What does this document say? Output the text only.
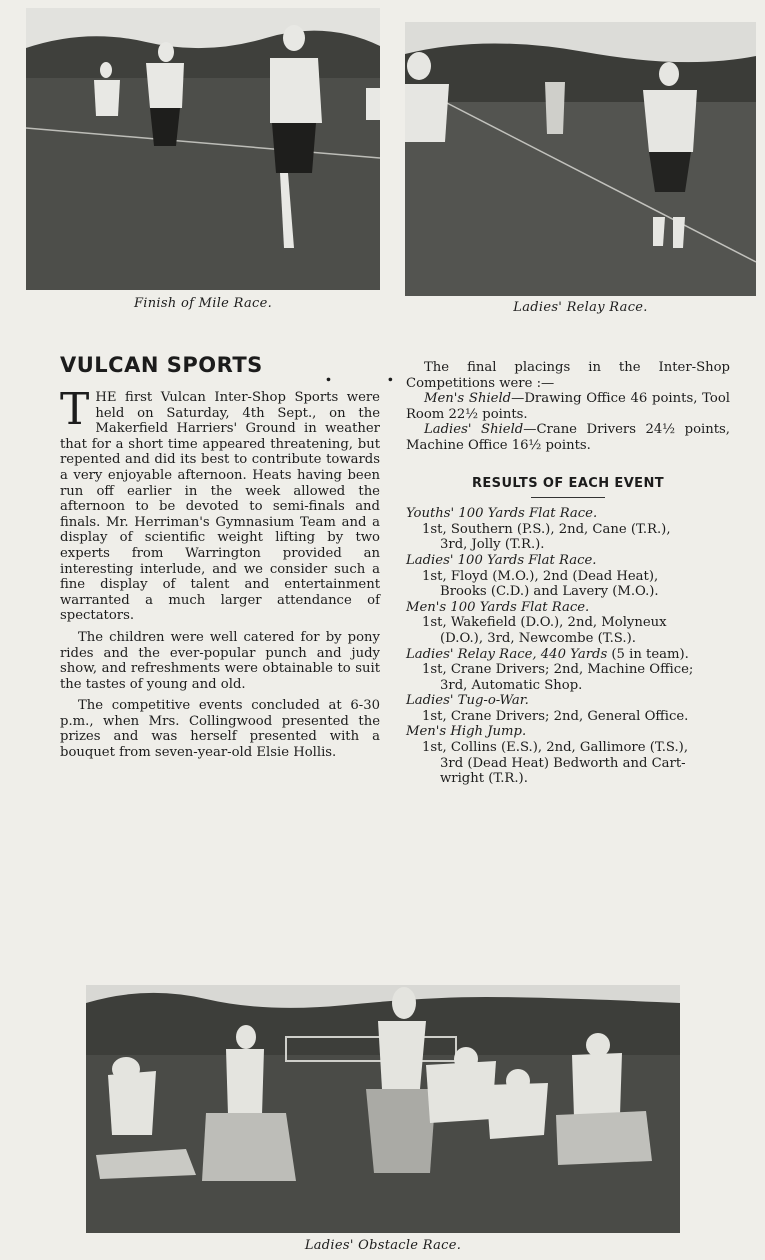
Finish of Mile Race.	Ladies' Relay Race.
VULCAN SPORTS	. .

THE first Vulcan Inter-Shop Sports were held on Saturday, 4th Sept., on the Makerfield Harriers' Ground in weather that for a short time appeared threatening, but repented and did its best to contribute towards a very enjoyable afternoon. Heats having been run off earlier in the week allowed the afternoon to be devoted to semi-finals and finals. Mr. Herriman's Gymnasium Team and a display of scientific weight lifting by two experts from Warrington provided an interesting interlude, and we consider such a fine display of talent and entertainment warranted a much larger attendance of spectators.

The children were well catered for by pony rides and the ever-popular punch and judy show, and refreshments were obtainable to suit the tastes of young and old.

The competitive events concluded at 6-30 p.m., when Mrs. Collingwood presented the prizes and was herself presented with a bouquet from seven-year-old Elsie Hollis.

The final placings in the Inter-Shop Competitions were :—

Men's Shield—Drawing Office 46 points, Tool Room 22½ points.

Ladies' Shield—Crane Drivers 24½ points, Machine Office 16½ points.

RESULTS OF EACH EVENT

Youths' 100 Yards Flat Race.

1st, Southern (P.S.), 2nd, Cane (T.R.),

3rd, Jolly (T.R.).

Ladies' 100 Yards Flat Race.

1st, Floyd (M.O.), 2nd (Dead Heat),

Brooks (C.D.) and Lavery (M.O.).

Men's 100 Yards Flat Race.

1st, Wakefield (D.O.), 2nd, Molyneux

(D.O.), 3rd, Newcombe (T.S.).

Ladies' Relay Race, 440 Yards (5 in team).

1st, Crane Drivers; 2nd, Machine Office;

3rd, Automatic Shop.

Ladies' Tug-o-War.

1st, Crane Drivers; 2nd, General Office.

Men's High Jump.

1st, Collins (E.S.), 2nd, Gallimore (T.S.),

3rd (Dead Heat) Bedworth and Cart-

wright (T.R.).

Ladies' Obstacle Race.
